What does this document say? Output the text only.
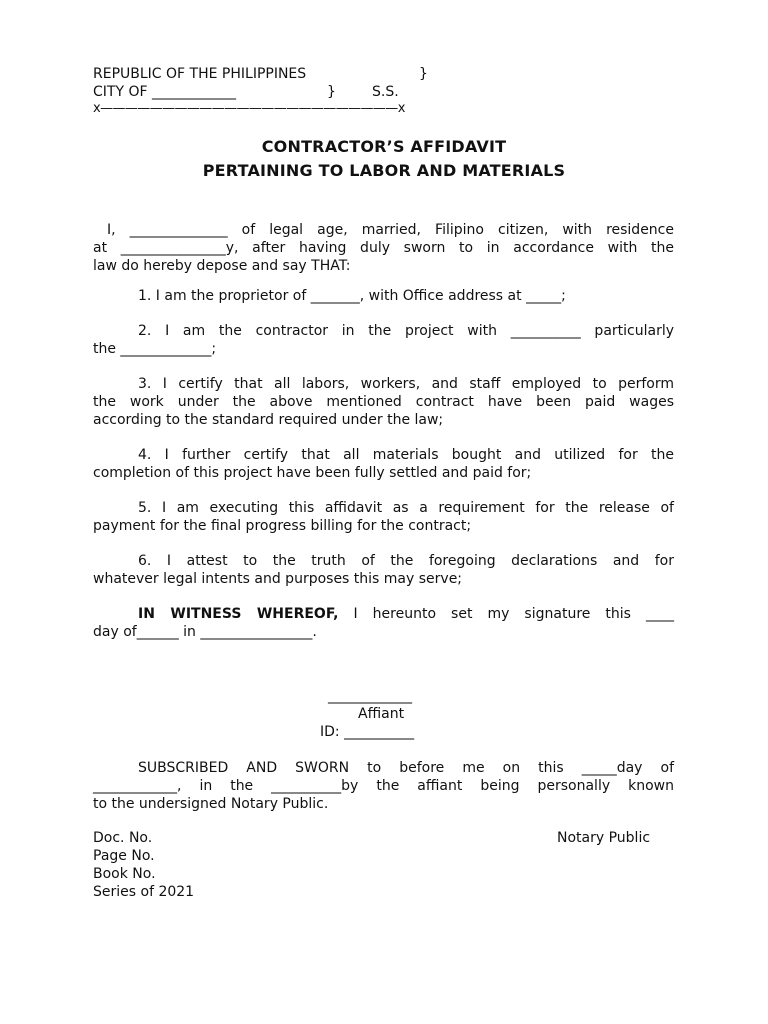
REPUBLIC OF THE PHILIPPINES	}
CITY OF ____________	}	S.S.
x————————————————————————x
CONTRACTOR’S AFFIDAVIT
PERTAINING TO LABOR AND MATERIALS
I, ______________ of legal age, married, Filipino citizen, with residence
at _______________y, after having duly sworn to in accordance with the
law do hereby depose and say THAT:
1. I am the proprietor of _______, with Office address at _____;
2. I am the contractor in the project with __________ particularly
the _____________;
3. I certify that all labors, workers, and staff employed to perform
the work under the above mentioned contract have been paid wages
according to the standard required under the law;
4. I further certify that all materials bought and utilized for the
completion of this project have been fully settled and paid for;
5. I am executing this affidavit as a requirement for the release of
payment for the final progress billing for the contract;
6. I attest to the truth of the foregoing declarations and for
whatever legal intents and purposes this may serve;
IN WITNESS WHEREOF, I hereunto set my signature this ____
day of______ in ________________.
____________
Affiant
ID: __________
SUBSCRIBED AND SWORN to before me on this _____day of
____________, in the __________by the affiant being personally known
to the undersigned Notary Public.
Doc. No.	Notary Public
Page No.
Book No.
Series of 2021
